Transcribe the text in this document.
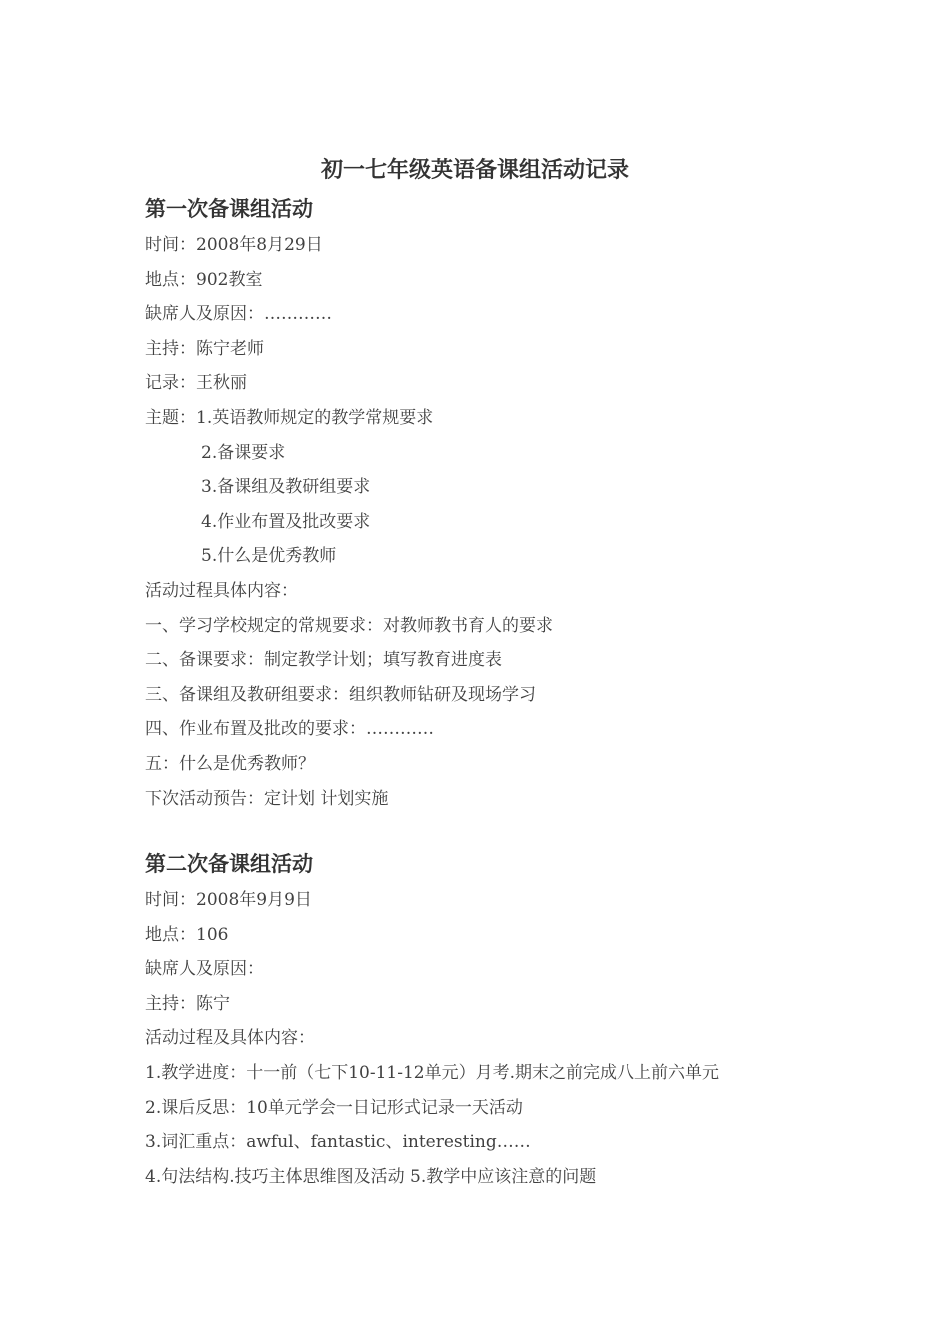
初一七年级英语备课组活动记录
第一次备课组活动
时间：2008年8月29日
地点：902教室
缺席人及原因：…………
主持：陈宁老师
记录：王秋丽
主题：1.英语教师规定的教学常规要求
2.备课要求
3.备课组及教研组要求
4.作业布置及批改要求
5.什么是优秀教师
活动过程具体内容：
一、学习学校规定的常规要求：对教师教书育人的要求
二、备课要求：制定教学计划；填写教育进度表
三、备课组及教研组要求：组织教师钻研及现场学习
四、作业布置及批改的要求：…………
五：什么是优秀教师？
下次活动预告：定计划 计划实施
第二次备课组活动
时间：2008年9月9日
地点：106
缺席人及原因：
主持：陈宁
活动过程及具体内容：
1.教学进度：十一前（七下10-11-12单元）月考.期末之前完成八上前六单元
2.课后反思：10单元学会一日记形式记录一天活动
3.词汇重点：awful、fantastic、interesting……
4.句法结构.技巧主体思维图及活动 5.教学中应该注意的问题
